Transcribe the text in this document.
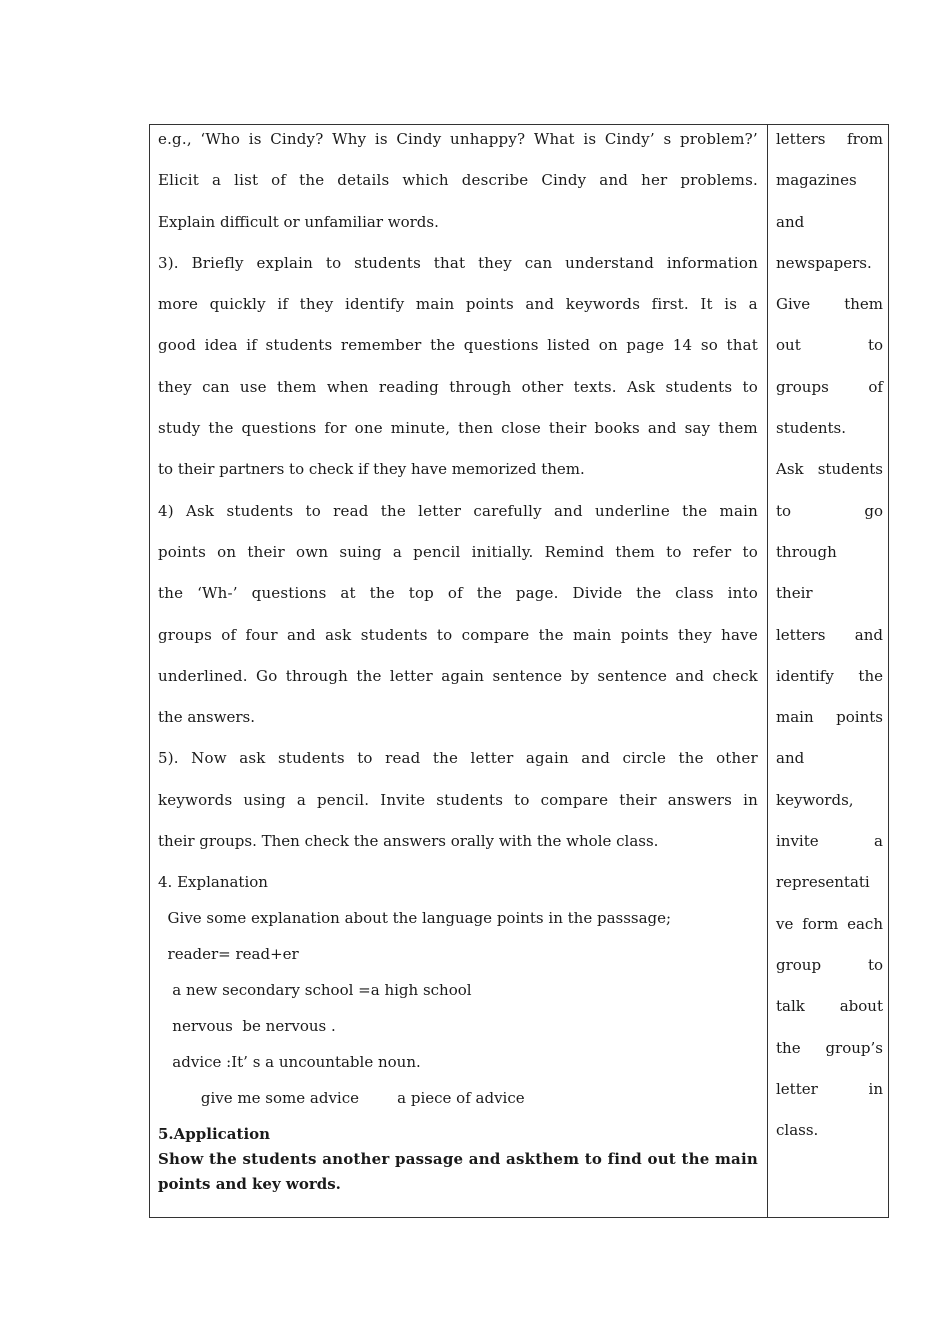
e.g., ‘Who is Cindy? Why is Cindy unhappy? What is Cindy’ s problem?’
Elicit a list of the details which describe Cindy and her problems.
Explain difficult or unfamiliar words.
3). Briefly explain to students that they can understand information
more quickly if they identify main points and keywords first. It is a
good idea if students remember the questions listed on page 14 so that
they can use them when reading through other texts. Ask students to
study the questions for one minute, then close their books and say them
to their partners to check if they have memorized them.
4) Ask students to read the letter carefully and underline the main
points on their own suing a pencil initially. Remind them to refer to
the ‘Wh-’ questions at the top of the page. Divide the class into
groups of four and ask students to compare the main points they have
underlined. Go through the letter again sentence by sentence and check
the answers.
5). Now ask students to read the letter again and circle the other
keywords using a pencil. Invite students to compare their answers in
their groups. Then check the answers orally with the whole class.
4. Explanation
Give some explanation about the language points in the passsage;
reader= read+er
a new secondary school =a high school
nervous  be nervous .
advice :It’ s a uncountable noun.
give me some advice        a piece of advice
5.Application
Show the students another passage and askthem to find out the main
points and key words.
letters from
magazines
and
newspapers.
Give them
out	to
groups	of
students.
Ask students
to	go
through
their
letters and
identify the
main points
and
keywords,
invite	a
representati
ve form each
group	to
talk about
the group’s
letter	in
class.
